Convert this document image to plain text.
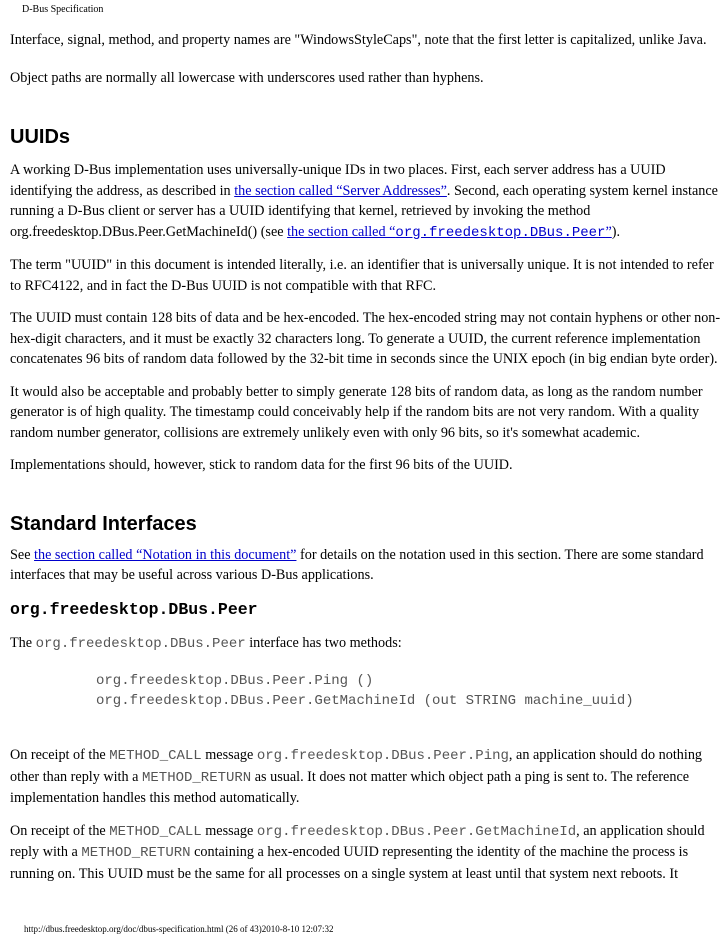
D-Bus Specification

Interface, signal, method, and property names are "WindowsStyleCaps", note that the first letter is capitalized, unlike Java.

Object paths are normally all lowercase with underscores used rather than hyphens.

UUIDs

A working D-Bus implementation uses universally-unique IDs in two places. First, each server address has a UUID identifying the address, as described in the section called “Server Addresses”. Second, each operating system kernel instance running a D-Bus client or server has a UUID identifying that kernel, retrieved by invoking the method org.freedesktop.DBus.Peer.GetMachineId() (see the section called “org.freedesktop.DBus.Peer”).

The term "UUID" in this document is intended literally, i.e. an identifier that is universally unique. It is not intended to refer to RFC4122, and in fact the D-Bus UUID is not compatible with that RFC.

The UUID must contain 128 bits of data and be hex-encoded. The hex-encoded string may not contain hyphens or other non-hex-digit characters, and it must be exactly 32 characters long. To generate a UUID, the current reference implementation concatenates 96 bits of random data followed by the 32-bit time in seconds since the UNIX epoch (in big endian byte order).

It would also be acceptable and probably better to simply generate 128 bits of random data, as long as the random number generator is of high quality. The timestamp could conceivably help if the random bits are not very random. With a quality random number generator, collisions are extremely unlikely even with only 96 bits, so it's somewhat academic.

Implementations should, however, stick to random data for the first 96 bits of the UUID.

Standard Interfaces

See the section called “Notation in this document” for details on the notation used in this section. There are some standard interfaces that may be useful across various D-Bus applications.

org.freedesktop.DBus.Peer

The org.freedesktop.DBus.Peer interface has two methods:

org.freedesktop.DBus.Peer.Ping ()
org.freedesktop.DBus.Peer.GetMachineId (out STRING machine_uuid)

On receipt of the METHOD_CALL message org.freedesktop.DBus.Peer.Ping, an application should do nothing other than reply with a METHOD_RETURN as usual. It does not matter which object path a ping is sent to. The reference implementation handles this method automatically.

On receipt of the METHOD_CALL message org.freedesktop.DBus.Peer.GetMachineId, an application should reply with a METHOD_RETURN containing a hex-encoded UUID representing the identity of the machine the process is running on. This UUID must be the same for all processes on a single system at least until that system next reboots. It

http://dbus.freedesktop.org/doc/dbus-specification.html (26 of 43)2010-8-10 12:07:32
